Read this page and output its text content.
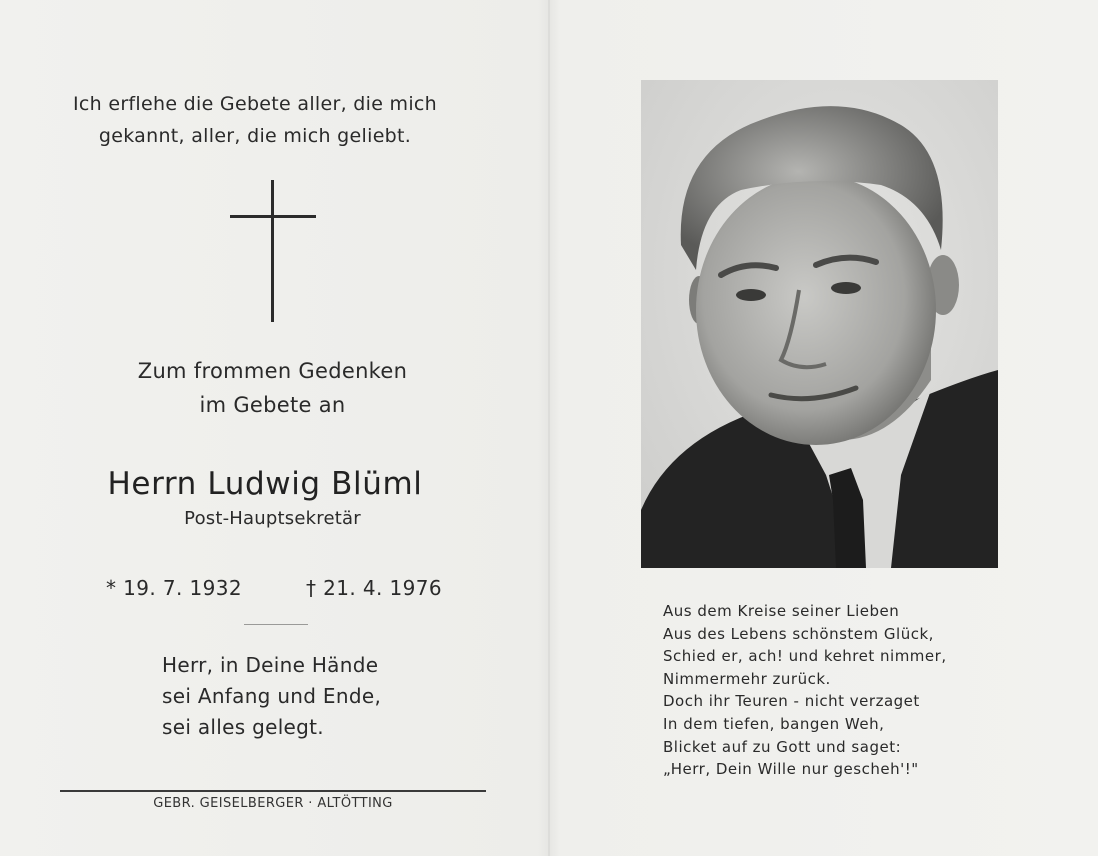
Ich erflehe die Gebete aller, die mich
gekannt, aller, die mich geliebt.
Zum frommen Gedenken
im Gebete an
Herrn Ludwig Blüml
Post-Hauptsekretär
* 19. 7. 1932	† 21. 4. 1976
Herr, in Deine Hände
sei Anfang und Ende,
sei alles gelegt.
GEBR. GEISELBERGER · ALTÖTTING
Aus dem Kreise seiner Lieben
Aus des Lebens schönstem Glück,
Schied er, ach! und kehret nimmer,
Nimmermehr zurück.
Doch ihr Teuren - nicht verzaget
In dem tiefen, bangen Weh,
Blicket auf zu Gott und saget:
„Herr, Dein Wille nur gescheh'!"
